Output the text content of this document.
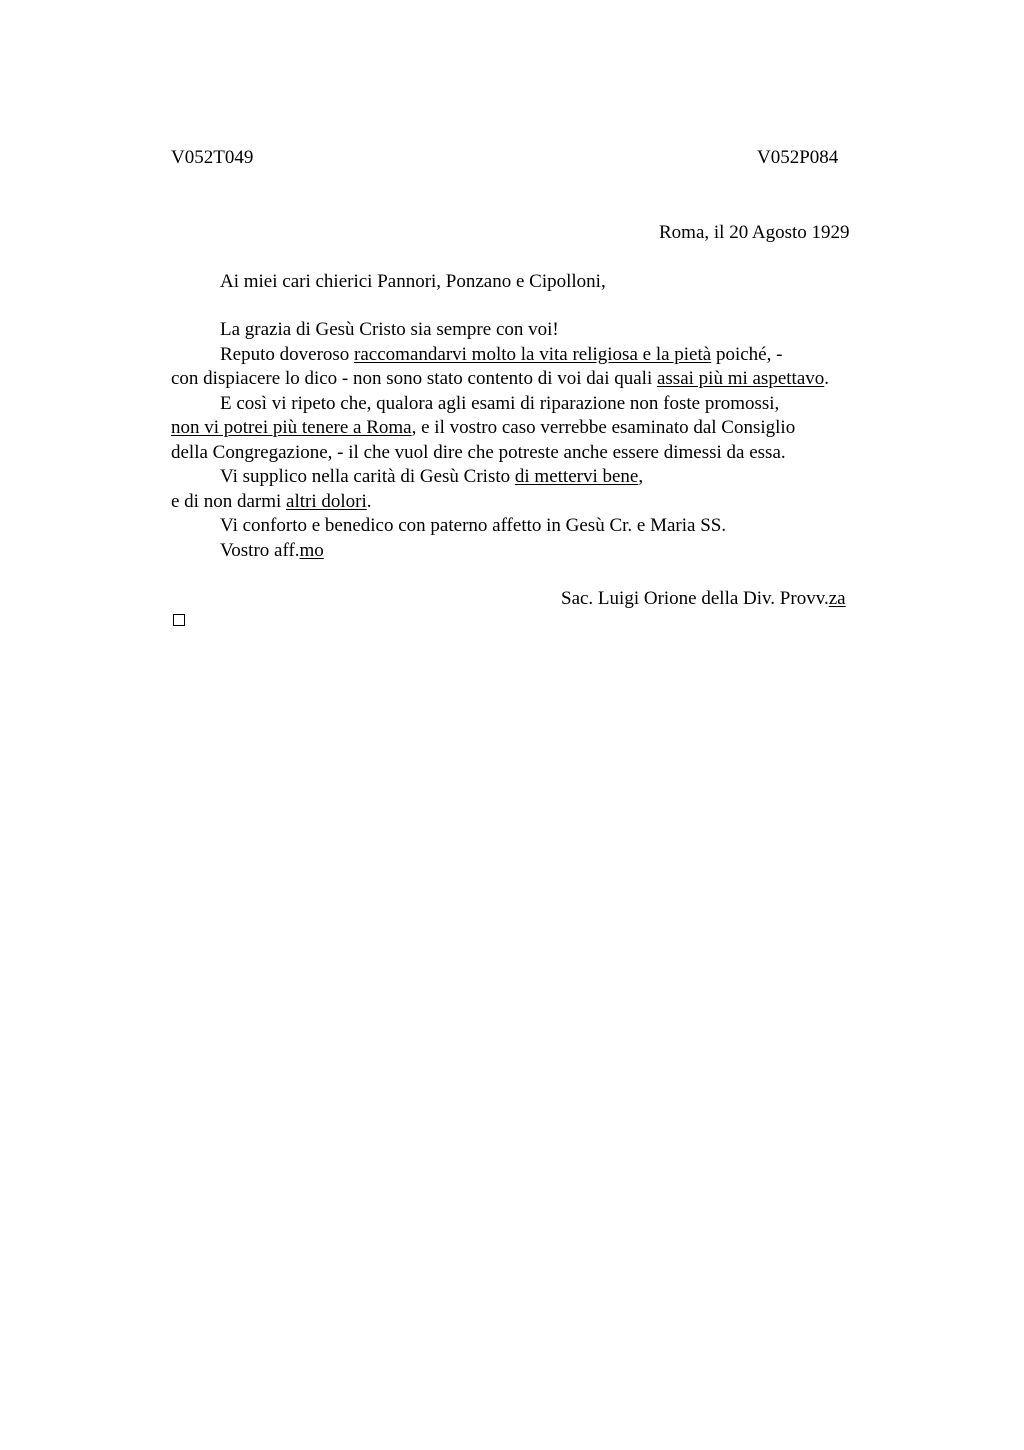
V052T049	V052P084
Roma, il 20 Agosto 1929
Ai miei cari chierici Pannori, Ponzano e Cipolloni,
La grazia di Gesù Cristo sia sempre con voi!
Reputo doveroso raccomandarvi molto la vita religiosa e la pietà poiché, -
con dispiacere lo dico - non sono stato contento di voi dai quali assai più mi aspettavo.
E così vi ripeto che, qualora agli esami di riparazione non foste promossi,
non vi potrei più tenere a Roma, e il vostro caso verrebbe esaminato dal Consiglio
della Congregazione, - il che vuol dire che potreste anche essere dimessi da essa.
Vi supplico nella carità di Gesù Cristo di mettervi bene,
e di non darmi altri dolori.
Vi conforto e benedico con paterno affetto in Gesù Cr. e Maria SS.
Vostro aff.mo
Sac. Luigi Orione della Div. Provv.za
